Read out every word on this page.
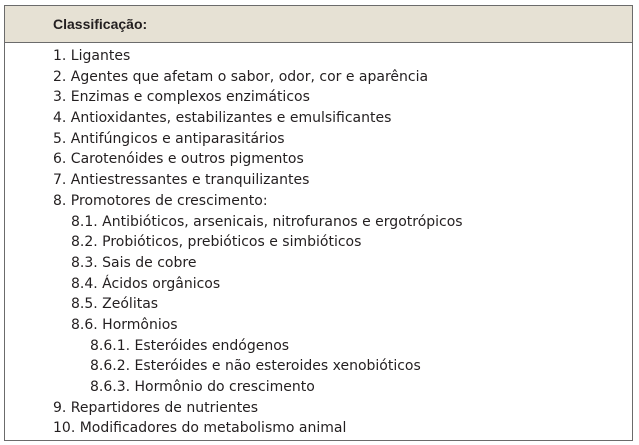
Classificação:
1. Ligantes
2. Agentes que afetam o sabor, odor, cor e aparência
3. Enzimas e complexos enzimáticos
4. Antioxidantes, estabilizantes e emulsificantes
5. Antifúngicos e antiparasitários
6. Carotenóides e outros pigmentos
7. Antiestressantes e tranquilizantes
8. Promotores de crescimento:
8.1. Antibióticos, arsenicais, nitrofuranos e ergotrópicos
8.2. Probióticos, prebióticos e simbióticos
8.3. Sais de cobre
8.4. Ácidos orgânicos
8.5. Zeólitas
8.6. Hormônios
8.6.1. Esteróides endógenos
8.6.2. Esteróides e não esteroides xenobióticos
8.6.3. Hormônio do crescimento
9. Repartidores de nutrientes
10. Modificadores do metabolismo animal
